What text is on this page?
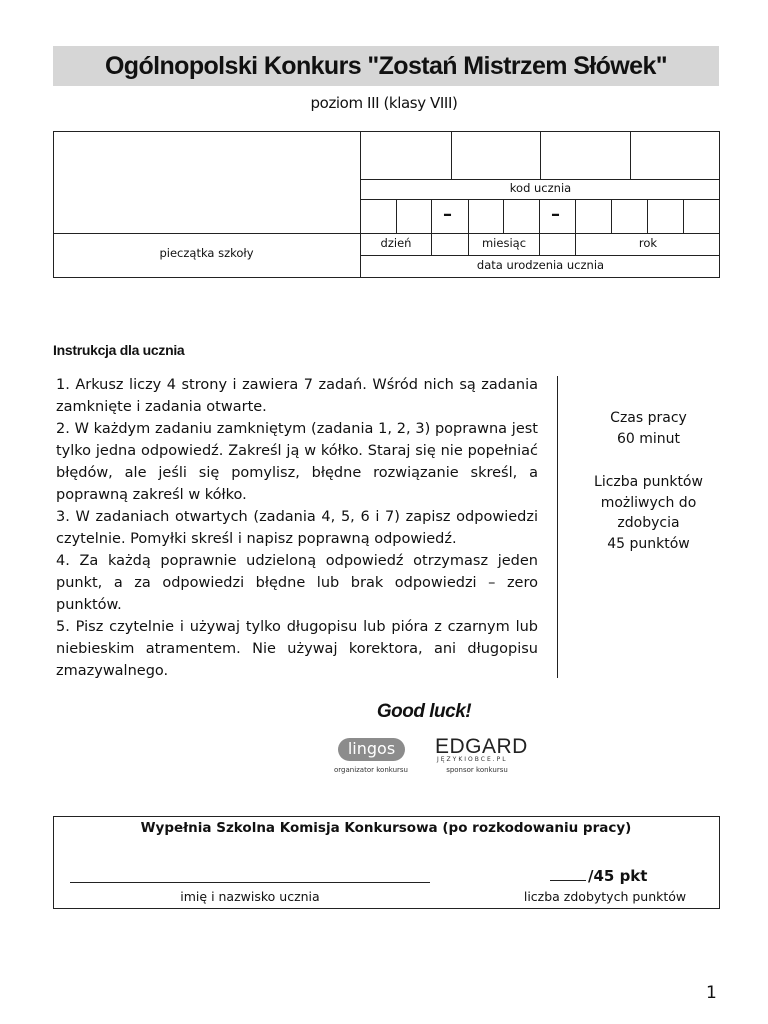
Ogólnopolski Konkurs "Zostań Mistrzem Słówek"
poziom III (klasy VIII)
pieczątka szkoły
kod ucznia
–	–
dzień	miesiąc	rok
data urodzenia ucznia
Instrukcja dla ucznia

1. Arkusz liczy 4 strony i zawiera 7 zadań. Wśród nich są zadania zamknięte i zadania otwarte.

2. W każdym zadaniu zamkniętym (zadania 1, 2, 3) poprawna jest tylko jedna odpowiedź. Zakreśl ją w kółko. Staraj się nie popełniać błędów, ale jeśli się pomylisz, błędne rozwiązanie skreśl, a poprawną zakreśl w kółko.

3. W zadaniach otwartych (zadania 4, 5, 6 i 7) zapisz odpowiedzi czytelnie. Pomyłki skreśl i napisz poprawną odpowiedź.

4. Za każdą poprawnie udzieloną odpowiedź otrzymasz jeden punkt, a za odpowiedzi błędne lub brak odpowiedzi – zero punktów.

5. Pisz czytelnie i używaj tylko długopisu lub pióra z czarnym lub niebieskim atramentem. Nie używaj korektora, ani długopisu zmazywalnego.

Czas pracy
60 minut
Liczba punktów możliwych do zdobycia
45 punktów
Good luck!
lingos
organizator konkursu
EDGARD
JĘZYKIOBCE.PL
sponsor konkursu
Wypełnia Szkolna Komisja Konkursowa (po rozkodowaniu pracy)
imię i nazwisko ucznia
/45 pkt
liczba zdobytych punktów
1
